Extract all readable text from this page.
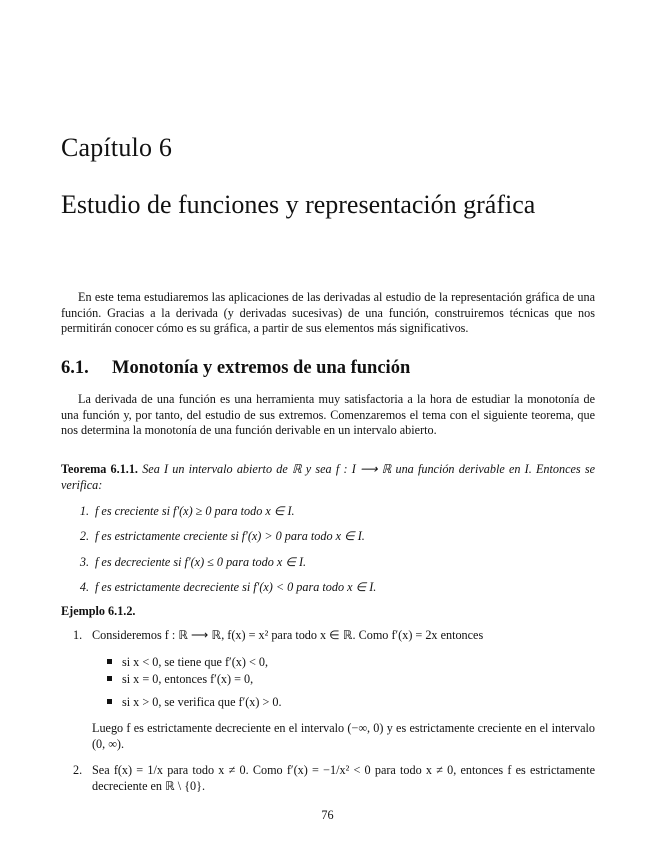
Capítulo 6
Estudio de funciones y representación gráfica
En este tema estudiaremos las aplicaciones de las derivadas al estudio de la representación gráfica de una función. Gracias a la derivada (y derivadas sucesivas) de una función, construiremos técnicas que nos permitirán conocer cómo es su gráfica, a partir de sus elementos más significativos.
6.1. Monotonía y extremos de una función
La derivada de una función es una herramienta muy satisfactoria a la hora de estudiar la monotonía de una función y, por tanto, del estudio de sus extremos. Comenzaremos el tema con el siguiente teorema, que nos determina la monotonía de una función derivable en un intervalo abierto.
Teorema 6.1.1. Sea I un intervalo abierto de ℝ y sea f : I ⟶ ℝ una función derivable en I. Entonces se verifica:
1. f es creciente si f′(x) ≥ 0 para todo x ∈ I.
2. f es estrictamente creciente si f′(x) > 0 para todo x ∈ I.
3. f es decreciente si f′(x) ≤ 0 para todo x ∈ I.
4. f es estrictamente decreciente si f′(x) < 0 para todo x ∈ I.
Ejemplo 6.1.2.
1. Consideremos f : ℝ ⟶ ℝ, f(x) = x² para todo x ∈ ℝ. Como f′(x) = 2x entonces
si x < 0, se tiene que f′(x) < 0,
si x = 0, entonces f′(x) = 0,
si x > 0, se verifica que f′(x) > 0.
Luego f es estrictamente decreciente en el intervalo (−∞, 0) y es estrictamente creciente en el intervalo (0, ∞).
2. Sea f(x) = 1/x para todo x ≠ 0. Como f′(x) = −1/x² < 0 para todo x ≠ 0, entonces f es estrictamente decreciente en ℝ \ {0}.
76
